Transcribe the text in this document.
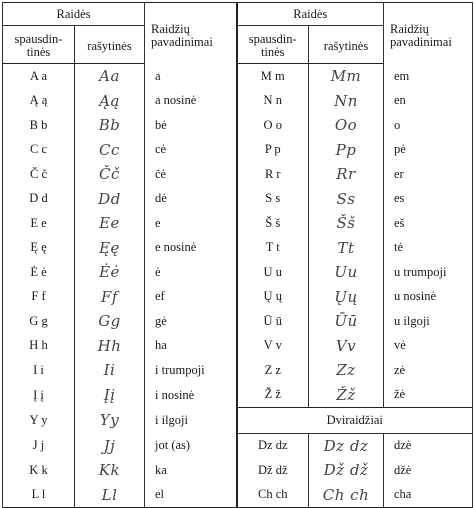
Raidės		Raidžių pavadinimai	Raidės		Raidžių pavadinimai
spausdin-tinės	rašytinės		spausdin-tinės	rašytinės	
A a	Aa	a	M m	Mm	em
Ą ą	Ąą	a nosinė	N n	Nn	en
B b	Bb	bė	O o	Oo	o
C c	Cc	cė	P p	Pp	pė
Č č	Čč	čė	R r	Rr	er
D d	Dd	dė	S s	Ss	es
E e	Ee	e	Š š	Šš	eš
Ę ę	Ęę	e nosinė	T t	Tt	tė
Ė ė	Ėė	ė	U u	Uu	u trumpoji
F f	Ff	ef	Ų ų	Ųų	u nosinė
G g	Gg	gė	Ū ū	Ūū	u ilgoji
H h	Hh	ha	V v	Vv	vė
I i	Ii	i trumpoji	Z z	Zz	zė
Į į	Įį	i nosinė	Ž ž	Žž	žė
Y y	Yy	i ilgoji	Dviraidžiai		
J j	Jj	jot (as)	Dz dz	Dz dz	dzė
K k	Kk	ka	Dž dž	Dž dž	džė
L l	Ll	el	Ch ch	Ch ch	cha
